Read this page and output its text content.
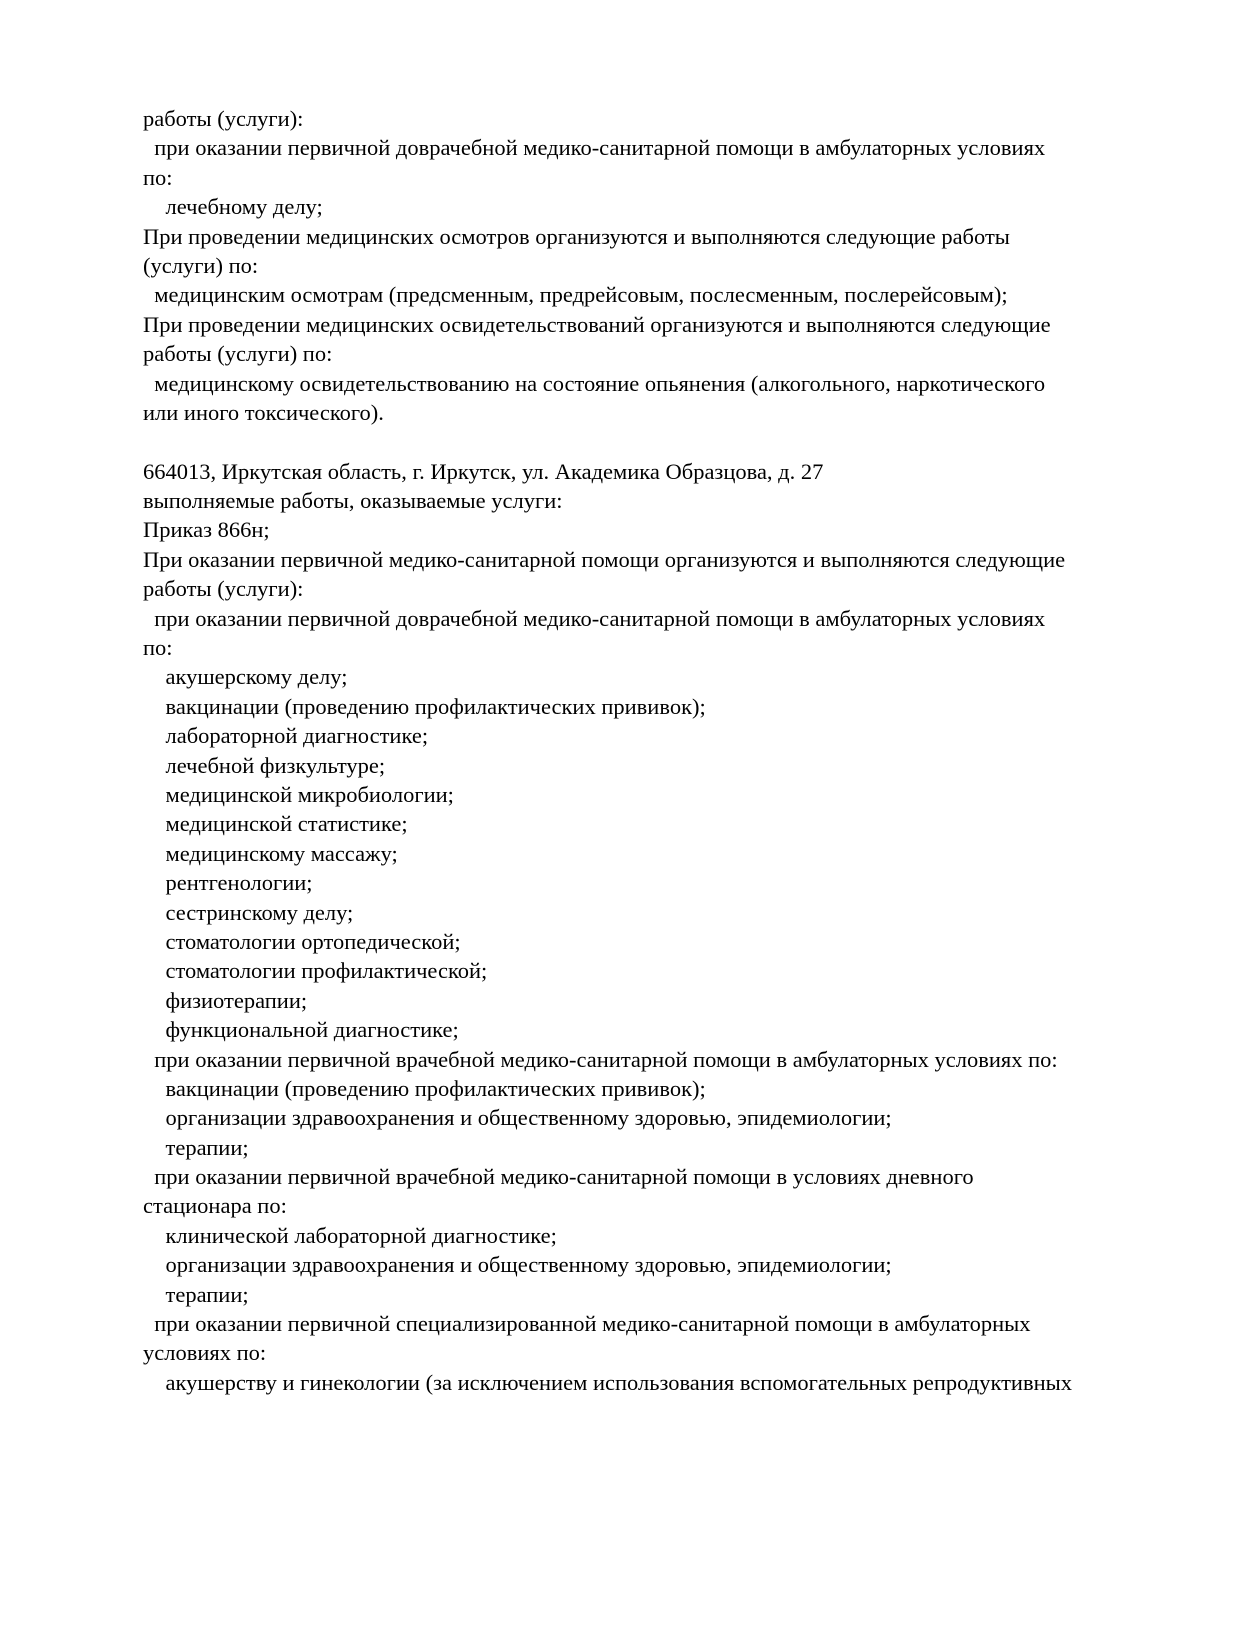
работы (услуги):
при оказании первичной доврачебной медико-санитарной помощи в амбулаторных условиях
по:
лечебному делу;
При проведении медицинских осмотров организуются и выполняются следующие работы
(услуги) по:
медицинским осмотрам (предсменным, предрейсовым, послесменным, послерейсовым);
При проведении медицинских освидетельствований организуются и выполняются следующие
работы (услуги) по:
медицинскому освидетельствованию на состояние опьянения (алкогольного, наркотического
или иного токсического).
664013, Иркутская область, г. Иркутск, ул. Академика Образцова, д. 27
выполняемые работы, оказываемые услуги:
Приказ 866н;
При оказании первичной медико-санитарной помощи организуются и выполняются следующие
работы (услуги):
при оказании первичной доврачебной медико-санитарной помощи в амбулаторных условиях
по:
акушерскому делу;
вакцинации (проведению профилактических прививок);
лабораторной диагностике;
лечебной физкультуре;
медицинской микробиологии;
медицинской статистике;
медицинскому массажу;
рентгенологии;
сестринскому делу;
стоматологии ортопедической;
стоматологии профилактической;
физиотерапии;
функциональной диагностике;
при оказании первичной врачебной медико-санитарной помощи в амбулаторных условиях по:
вакцинации (проведению профилактических прививок);
организации здравоохранения и общественному здоровью, эпидемиологии;
терапии;
при оказании первичной врачебной медико-санитарной помощи в условиях дневного
стационара по:
клинической лабораторной диагностике;
организации здравоохранения и общественному здоровью, эпидемиологии;
терапии;
при оказании первичной специализированной медико-санитарной помощи в амбулаторных
условиях по:
акушерству и гинекологии (за исключением использования вспомогательных репродуктивных
